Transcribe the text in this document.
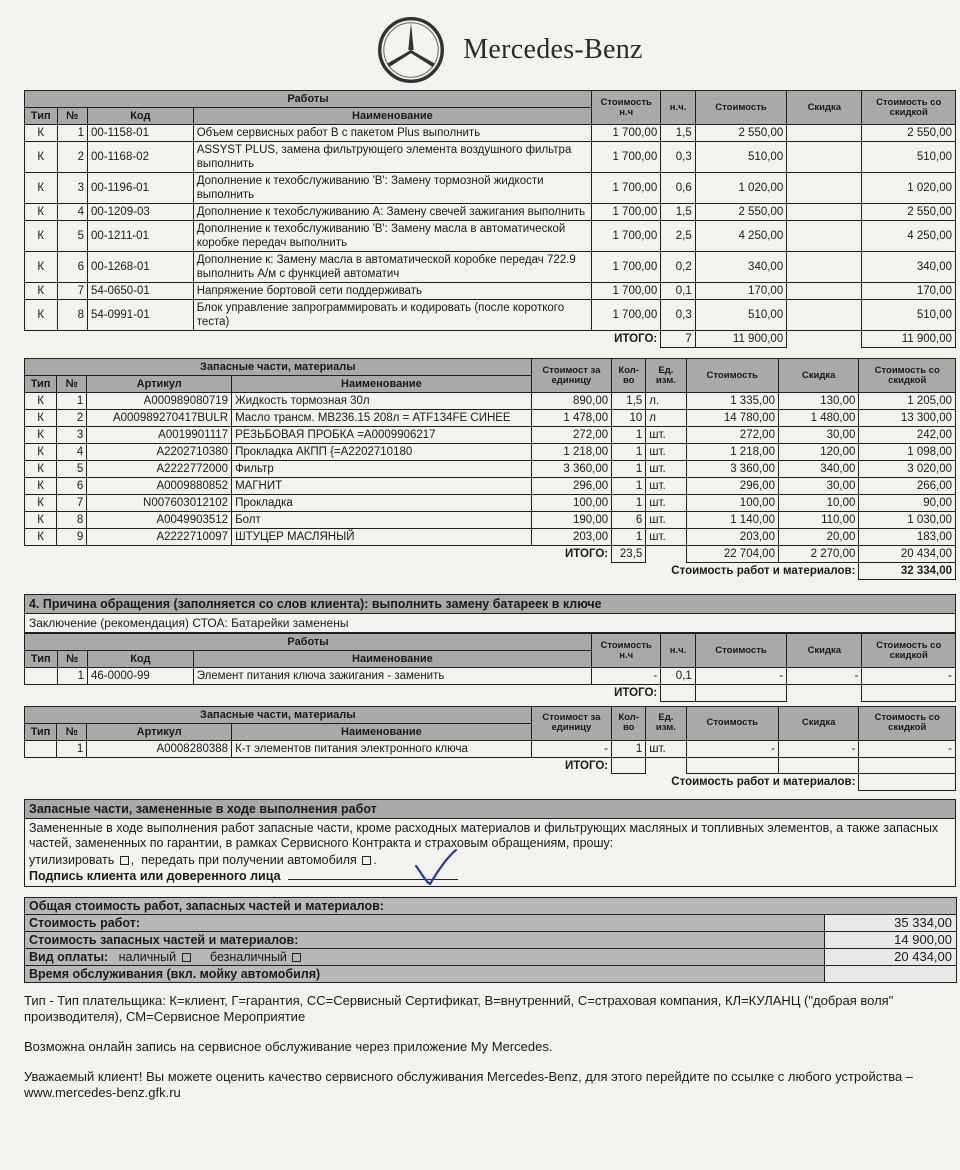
Mercedes-Benz
Работы				Стоимость н.ч	н.ч.	Стоимость	Скидка	Стоимость со скидкой
Тип	№	Код	Наименование					
К	1	00-1158-01	Объем сервисных работ В с пакетом Plus выполнить	1 700,00	1,5	2 550,00		2 550,00
К	2	00-1168-02	ASSYST PLUS, замена фильтрующего элемента воздушного фильтра выполнить	1 700,00	0,3	510,00		510,00
К	3	00-1196-01	Дополнение к техобслуживанию 'В': Замену тормозной жидкости выполнить	1 700,00	0,6	1 020,00		1 020,00
К	4	00-1209-03	Дополнение к техобслуживанию А: Замену свечей зажигания выполнить	1 700,00	1,5	2 550,00		2 550,00
К	5	00-1211-01	Дополнение к техобслуживанию 'В': Замену масла в автоматической коробке передач выполнить	1 700,00	2,5	4 250,00		4 250,00
К	6	00-1268-01	Дополнение к: Замену масла в автоматической коробке передач 722.9 выполнить А/м с функцией автоматич	1 700,00	0,2	340,00		340,00
К	7	54-0650-01	Напряжение бортовой сети поддерживать	1 700,00	0,1	170,00		170,00
К	8	54-0991-01	Блок управление запрограммировать и кодировать (после короткого теста)	1 700,00	0,3	510,00		510,00
				ИТОГО:	7	11 900,00		11 900,00
Запасные части, материалы				Стоимост за единицу	Кол-во	Ед. изм.	Стоимость	Скидка	Стоимость со скидкой
Тип	№	Артикул	Наименование						
К	1	A000989080719	Жидкость тормозная 30л	890,00	1,5	л.	1 335,00	130,00	1 205,00
К	2	A000989270417BULR	Масло трансм. MB236.15 208л = ATF134FE СИНЕЕ	1 478,00	10	л	14 780,00	1 480,00	13 300,00
К	3	A0019901117	РЕЗЬБОВАЯ ПРОБКА =A0009906217	272,00	1	шт.	272,00	30,00	242,00
К	4	A2202710380	Прокладка АКПП {=A2202710180	1 218,00	1	шт.	1 218,00	120,00	1 098,00
К	5	A2222772000	Фильтр	3 360,00	1	шт.	3 360,00	340,00	3 020,00
К	6	A0009880852	МАГНИТ	296,00	1	шт.	296,00	30,00	266,00
К	7	N007603012102	Прокладка	100,00	1	шт.	100,00	10,00	90,00
К	8	A0049903512	Болт	190,00	6	шт.	1 140,00	110,00	1 030,00
К	9	A2222710097	ШТУЦЕР МАСЛЯНЫЙ	203,00	1	шт.	203,00	20,00	183,00
				ИТОГО:	23,5		22 704,00	2 270,00	20 434,00
					Стоимость работ и материалов:				32 334,00
4. Причина обращения (заполняется со слов клиента): выполнить замену батареек в ключе
Заключение (рекомендация) СТОА: Батарейки заменены
Работы				Стоимость н.ч	н.ч.	Стоимость	Скидка	Стоимость со скидкой
Тип	№	Код	Наименование					
	1	46-0000-99	Элемент питания ключа зажигания - заменить	-	0,1	-	-	-
				ИТОГО:				
Запасные части, материалы				Стоимост за единицу	Кол-во	Ед. изм.	Стоимость	Скидка	Стоимость со скидкой
Тип	№	Артикул	Наименование						
	1	A0008280388	К-т элементов питания электронного ключа	-	1	шт.	-	-	-
				ИТОГО:					
					Стоимость работ и материалов:				
Запасные части, замененные в ходе выполнения работ
Замененные в ходе выполнения работ запасные части, кроме расходных материалов и фильтрующих масляных и топливных элементов, а также запасных частей, замененных по гарантии, в рамках Сервисного Контракта и страховым обращениям, прошу:
утилизировать ,  передать при получении автомобиля .
Подпись клиента или доверенного лица
Общая стоимость работ, запасных частей и материалов:	
Стоимость работ:	35 334,00
Стоимость запасных частей и материалов:	14 900,00
Вид оплаты: наличный безналичный	20 434,00
Время обслуживания (вкл. мойку автомобиля)	

Тип - Тип плательщика: К=клиент, Г=гарантия, СС=Сервисный Сертификат, В=внутренний, С=страховая компания, КЛ=КУЛАНЦ ("добрая воля" производителя), СМ=Сервисное Мероприятие

Возможна онлайн запись на сервисное обслуживание через приложение My Mercedes.

Уважаемый клиент! Вы можете оценить качество сервисного обслуживания Mercedes-Benz, для этого перейдите по ссылке с любого устройства – www.mercedes-benz.gfk.ru
